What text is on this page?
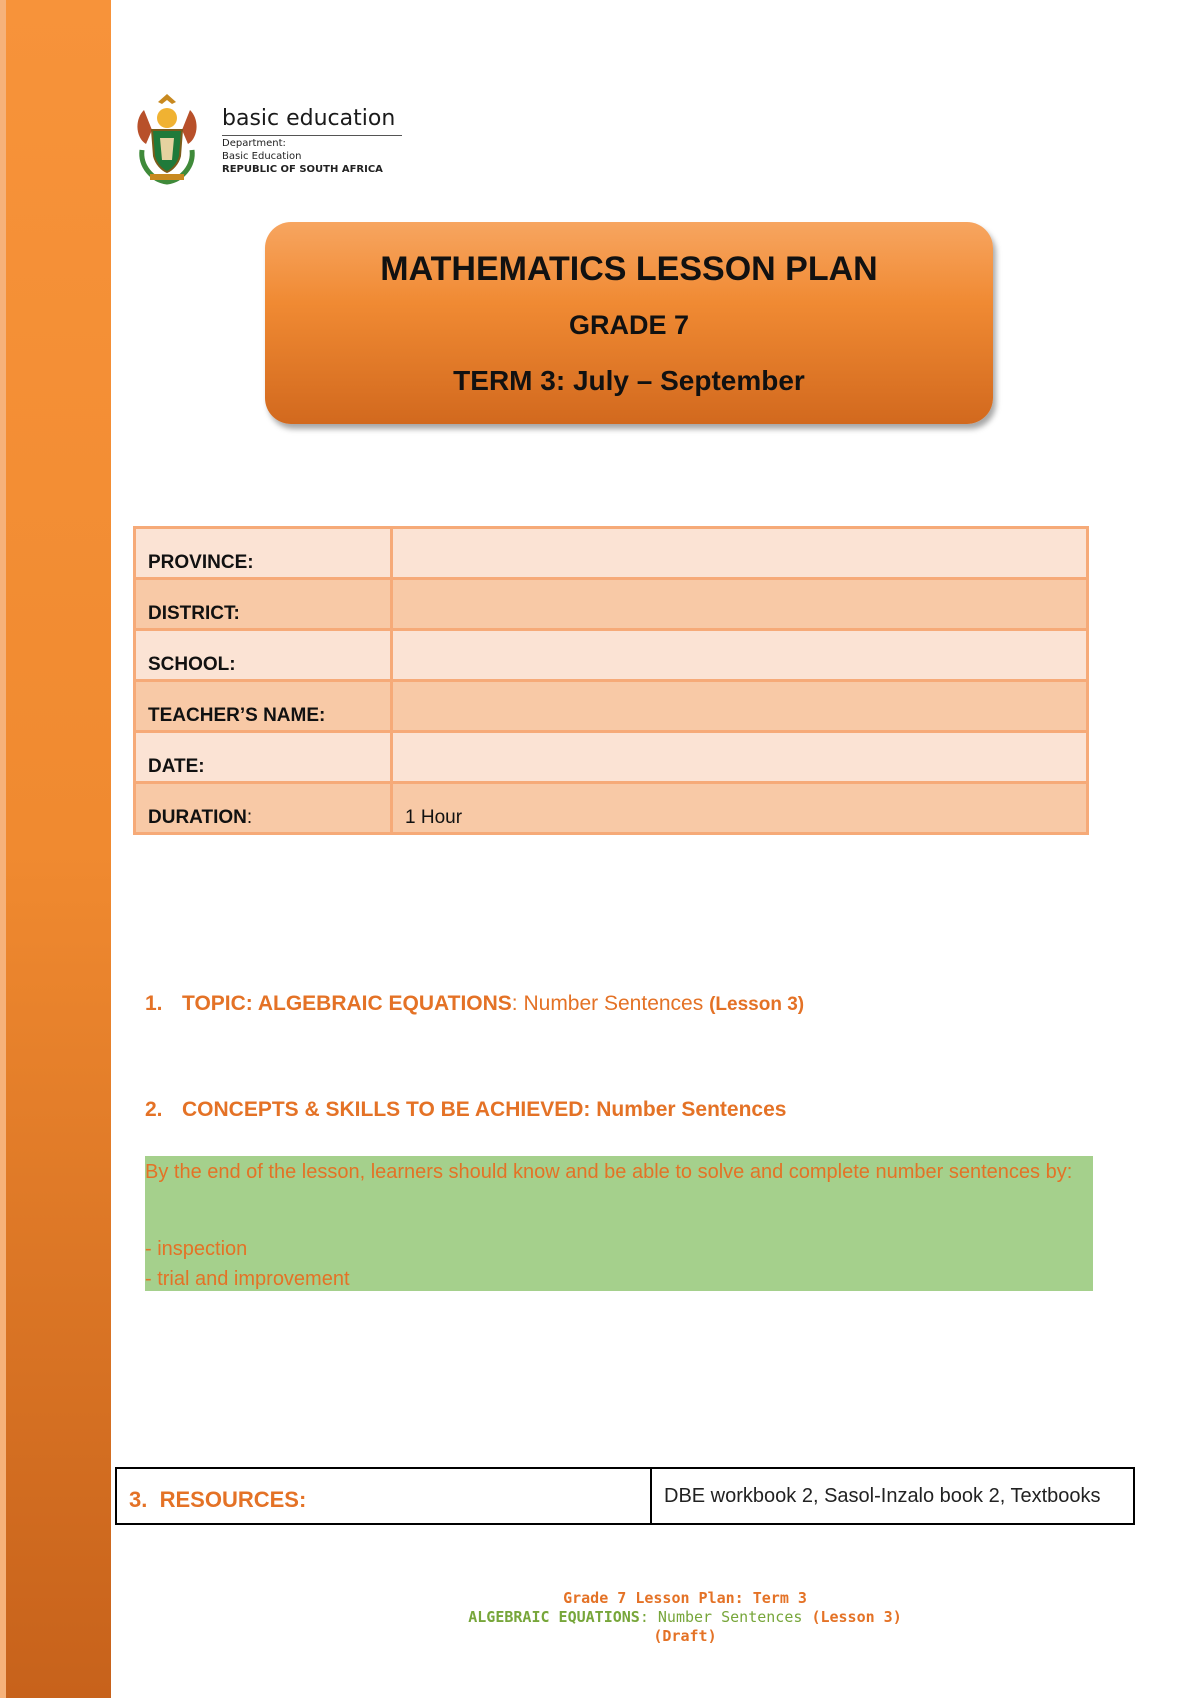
basic education
Department:
Basic Education
REPUBLIC OF SOUTH AFRICA
MATHEMATICS LESSON PLAN
GRADE 7
TERM 3: July – September
PROVINCE:	
DISTRICT:	
SCHOOL:	
TEACHER’S NAME:	
DATE:	
DURATION:	1 Hour
1. TOPIC: ALGEBRAIC EQUATIONS: Number Sentences (Lesson 3)
2. CONCEPTS & SKILLS TO BE ACHIEVED: Number Sentences

By the end of the lesson, learners should know and be able to solve and complete number sentences by:

- inspection

- trial and improvement

3. RESOURCES:	DBE workbook 2, Sasol-Inzalo book 2, Textbooks
Grade 7 Lesson Plan: Term 3
ALGEBRAIC EQUATIONS: Number Sentences (Lesson 3)
(Draft)
